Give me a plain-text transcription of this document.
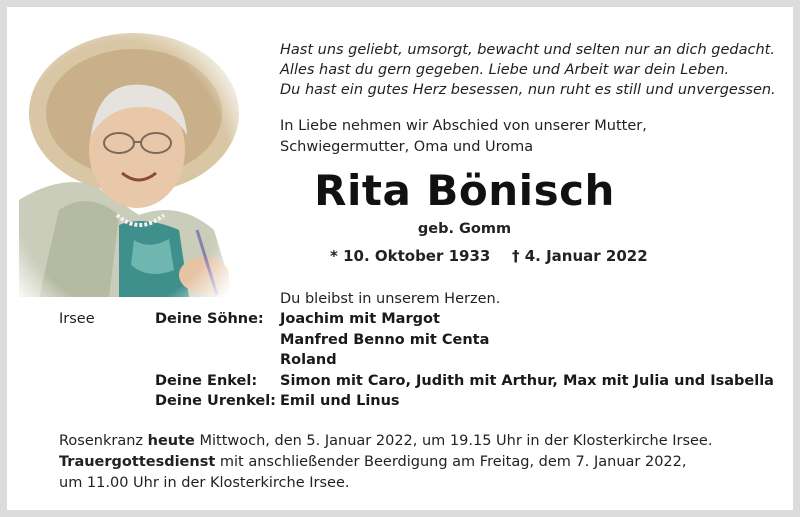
Hast uns geliebt, umsorgt, bewacht und selten nur an dich gedacht.
Alles hast du gern gegeben. Liebe und Arbeit war dein Leben.
Du hast ein gutes Herz besessen, nun ruht es still und unvergessen.
In Liebe nehmen wir Abschied von unserer Mutter,
Schwiegermutter, Oma und Uroma
Rita Bönisch
geb. Gomm
* 10. Oktober 1933 † 4. Januar 2022
Du bleibst in unserem Herzen.
Irsee	Deine Söhne:	Joachim mit Margot
Manfred Benno mit Centa
Roland
Deine Enkel:	Simon mit Caro, Judith mit Arthur, Max mit Julia und Isabella
Deine Urenkel: Emil und Linus
Rosenkranz heute Mittwoch, den 5. Januar 2022, um 19.15 Uhr in der Klosterkirche Irsee.
Trauergottesdienst mit anschließender Beerdigung am Freitag, dem 7. Januar 2022,
um 11.00 Uhr in der Klosterkirche Irsee.
